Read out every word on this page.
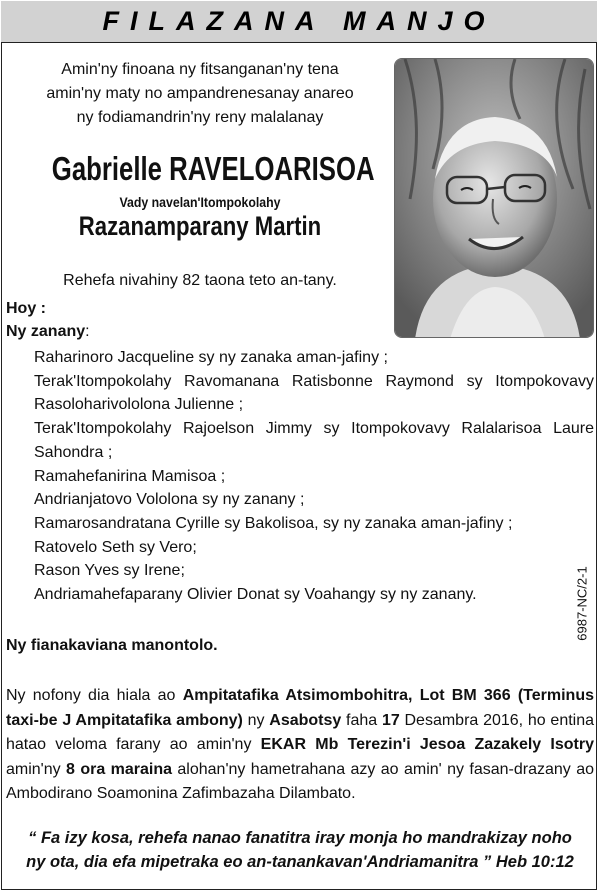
FILAZANA MANJO
Amin'ny finoana ny fitsanganan'ny tena
amin'ny maty no ampandrenesanay anareo
ny fodiamandrin'ny reny malalanay
Gabrielle RAVELOARISOA
Vady navelan'Itompokolahy
Razanamparany Martin
Rehefa nivahiny 82 taona teto an-tany.
Hoy :
Ny zanany:
Raharinoro Jacqueline sy ny zanaka aman-jafiny ;
Terak'Itompokolahy Ravomanana Ratisbonne Raymond sy Itompokovavy
Rasoloharivololona Julienne ;
Terak'Itompokolahy Rajoelson Jimmy sy Itompokovavy Ralalarisoa Laure
Sahondra ;
Ramahefanirina Mamisoa ;
Andrianjatovo Vololona sy ny zanany ;
Ramarosandratana Cyrille sy Bakolisoa, sy ny zanaka aman-jafiny ;
Ratovelo Seth sy Vero;
Rason Yves sy Irene;
Andriamahefaparany Olivier Donat sy Voahangy sy ny zanany.	6987-NC/2-1
Ny fianakaviana manontolo.
Ny nofony dia hiala ao Ampitatafika Atsimombohitra, Lot BM 366 (Terminus taxi-be J Ampitatafika ambony) ny Asabotsy faha 17 Desambra 2016, ho entina hatao veloma farany ao amin'ny EKAR Mb Terezin'i Jesoa Zazakely Isotry amin'ny 8 ora maraina alohan'ny hametrahana azy ao amin' ny fasan-drazany ao Ambodirano Soamonina Zafimbazaha Dilambato.
“ Fa izy kosa, rehefa nanao fanatitra iray monja ho mandrakizay noho
ny ota, dia efa mipetraka eo an-tanankavan'Andriamanitra ” Heb 10:12
